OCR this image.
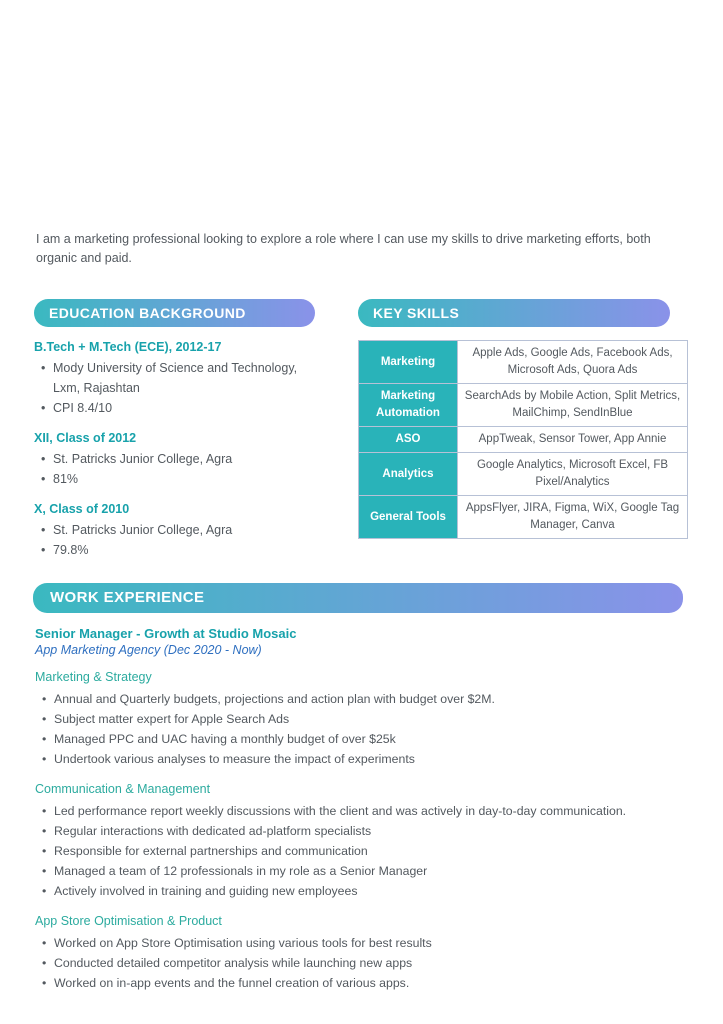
I am a marketing professional looking to explore a role where I can use my skills to drive marketing efforts, both organic and paid.

EDUCATION BACKGROUND
B.Tech + M.Tech (ECE), 2012-17
• Mody University of Science and Technology, Lxm, Rajashtan
• CPI 8.4/10
XII, Class of 2012
• St. Patricks Junior College, Agra
• 81%
X, Class of 2010
• St. Patricks Junior College, Agra
• 79.8%
KEY SKILLS
Marketing	Apple Ads, Google Ads, Facebook Ads, Microsoft Ads, Quora Ads
Marketing Automation	SearchAds by Mobile Action, Split Metrics, MailChimp, SendInBlue
ASO	AppTweak, Sensor Tower, App Annie
Analytics	Google Analytics, Microsoft Excel, FB Pixel/Analytics
General Tools	AppsFlyer, JIRA, Figma, WiX, Google Tag Manager, Canva
WORK EXPERIENCE
Senior Manager - Growth at Studio Mosaic

App Marketing Agency (Dec 2020 - Now)

Marketing & Strategy
• Annual and Quarterly budgets, projections and action plan with budget over $2M.
• Subject matter expert for Apple Search Ads
• Managed PPC and UAC having a monthly budget of over $25k
• Undertook various analyses to measure the impact of experiments
Communication & Management
• Led performance report weekly discussions with the client and was actively in day-to-day communication.
• Regular interactions with dedicated ad-platform specialists
• Responsible for external partnerships and communication
• Managed a team of 12 professionals in my role as a Senior Manager
• Actively involved in training and guiding new employees
App Store Optimisation & Product
• Worked on App Store Optimisation using various tools for best results
• Conducted detailed competitor analysis while launching new apps
• Worked on in-app events and the funnel creation of various apps.
